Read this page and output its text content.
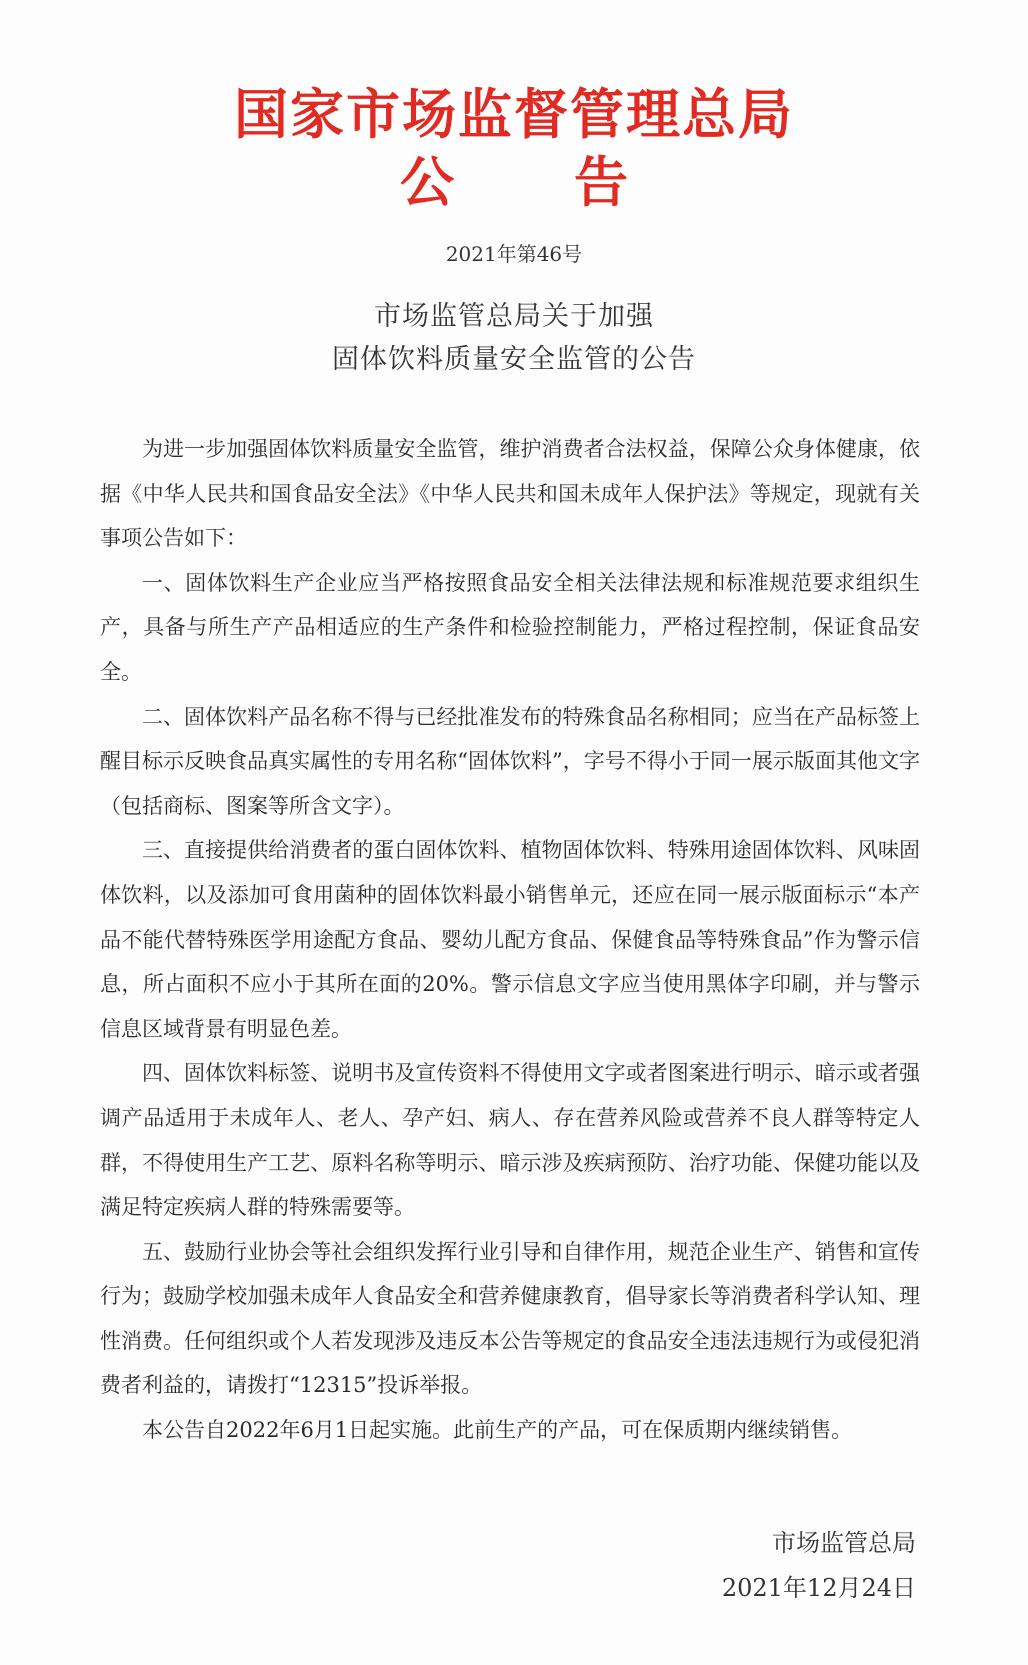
国家市场监督管理总局
公告

2021年第46号

市场监管总局关于加强

固体饮料质量安全监管的公告

为进一步加强固体饮料质量安全监管，维护消费者合法权益，保障公众身体健康，依据《中华人民共和国食品安全法》《中华人民共和国未成年人保护法》等规定，现就有关事项公告如下：

一、固体饮料生产企业应当严格按照食品安全相关法律法规和标准规范要求组织生产，具备与所生产产品相适应的生产条件和检验控制能力，严格过程控制，保证食品安全。

二、固体饮料产品名称不得与已经批准发布的特殊食品名称相同；应当在产品标签上醒目标示反映食品真实属性的专用名称“固体饮料”，字号不得小于同一展示版面其他文字（包括商标、图案等所含文字）。

三、直接提供给消费者的蛋白固体饮料、植物固体饮料、特殊用途固体饮料、风味固体饮料，以及添加可食用菌种的固体饮料最小销售单元，还应在同一展示版面标示“本产品不能代替特殊医学用途配方食品、婴幼儿配方食品、保健食品等特殊食品”作为警示信息，所占面积不应小于其所在面的20%。警示信息文字应当使用黑体字印刷，并与警示信息区域背景有明显色差。

四、固体饮料标签、说明书及宣传资料不得使用文字或者图案进行明示、暗示或者强调产品适用于未成年人、老人、孕产妇、病人、存在营养风险或营养不良人群等特定人群，不得使用生产工艺、原料名称等明示、暗示涉及疾病预防、治疗功能、保健功能以及满足特定疾病人群的特殊需要等。

五、鼓励行业协会等社会组织发挥行业引导和自律作用，规范企业生产、销售和宣传行为；鼓励学校加强未成年人食品安全和营养健康教育，倡导家长等消费者科学认知、理性消费。任何组织或个人若发现涉及违反本公告等规定的食品安全违法违规行为或侵犯消费者利益的，请拨打“12315”投诉举报。

本公告自2022年6月1日起实施。此前生产的产品，可在保质期内继续销售。

市场监管总局

2021年12月24日
